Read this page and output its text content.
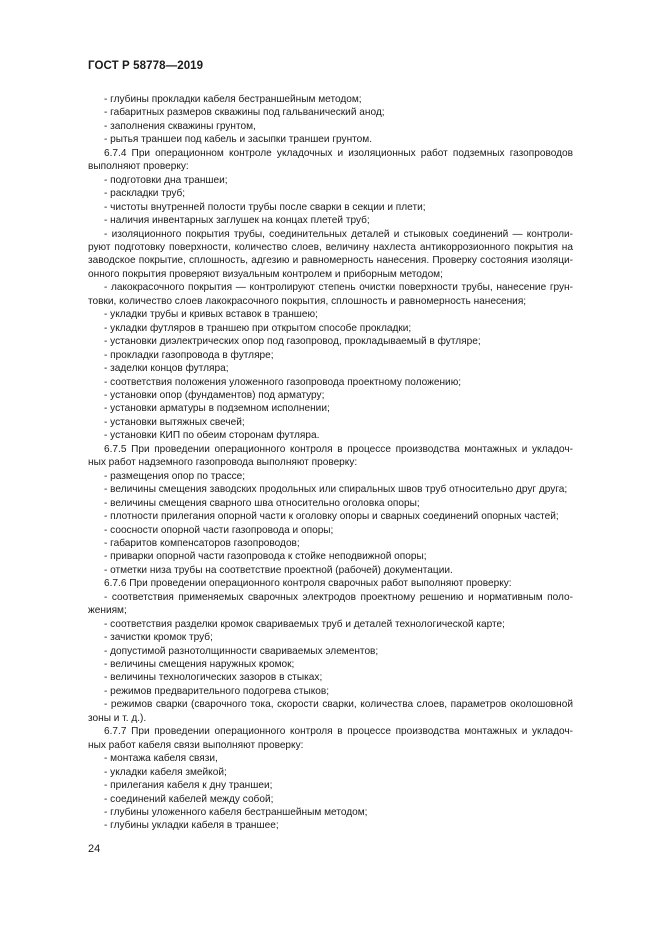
ГОСТ Р 58778—2019
- глубины прокладки кабеля бестраншейным методом;
- габаритных размеров скважины под гальванический анод;
- заполнения скважины грунтом,
- рытья траншеи под кабель и засыпки траншеи грунтом.
6.7.4 При операционном контроле укладочных и изоляционных работ подземных газопроводов
выполняют проверку:
- подготовки дна траншеи;
- раскладки труб;
- чистоты внутренней полости трубы после сварки в секции и плети;
- наличия инвентарных заглушек на концах плетей труб;
- изоляционного покрытия трубы, соединительных деталей и стыковых соединений — контроли-
руют подготовку поверхности, количество слоев, величину нахлеста антикоррозионного покрытия на
заводское покрытие, сплошность, адгезию и равномерность нанесения. Проверку состояния изоляци-
онного покрытия проверяют визуальным контролем и приборным методом;
- лакокрасочного покрытия — контролируют степень очистки поверхности трубы, нанесение грун-
товки, количество слоев лакокрасочного покрытия, сплошность и равномерность нанесения;
- укладки трубы и кривых вставок в траншею;
- укладки футляров в траншею при открытом способе прокладки;
- установки диэлектрических опор под газопровод, прокладываемый в футляре;
- прокладки газопровода в футляре;
- заделки концов футляра;
- соответствия положения уложенного газопровода проектному положению;
- установки опор (фундаментов) под арматуру;
- установки арматуры в подземном исполнении;
- установки вытяжных свечей;
- установки КИП по обеим сторонам футляра.
6.7.5 При проведении операционного контроля в процессе производства монтажных и укладоч-
ных работ надземного газопровода выполняют проверку:
- размещения опор по трассе;
- величины смещения заводских продольных или спиральных швов труб относительно друг друга;
- величины смещения сварного шва относительно оголовка опоры;
- плотности прилегания опорной части к оголовку опоры и сварных соединений опорных частей;
- соосности опорной части газопровода и опоры;
- габаритов компенсаторов газопроводов;
- приварки опорной части газопровода к стойке неподвижной опоры;
- отметки низа трубы на соответствие проектной (рабочей) документации.
6.7.6 При проведении операционного контроля сварочных работ выполняют проверку:
- соответствия применяемых сварочных электродов проектному решению и нормативным поло-
жениям;
- соответствия разделки кромок свариваемых труб и деталей технологической карте;
- зачистки кромок труб;
- допустимой разнотолщинности свариваемых элементов;
- величины смещения наружных кромок;
- величины технологических зазоров в стыках;
- режимов предварительного подогрева стыков;
- режимов сварки (сварочного тока, скорости сварки, количества слоев, параметров околошовной
зоны и т. д.).
6.7.7 При проведении операционного контроля в процессе производства монтажных и укладоч-
ных работ кабеля связи выполняют проверку:
- монтажа кабеля связи,
- укладки кабеля змейкой;
- прилегания кабеля к дну траншеи;
- соединений кабелей между собой;
- глубины уложенного кабеля бестраншейным методом;
- глубины укладки кабеля в траншее;
24
